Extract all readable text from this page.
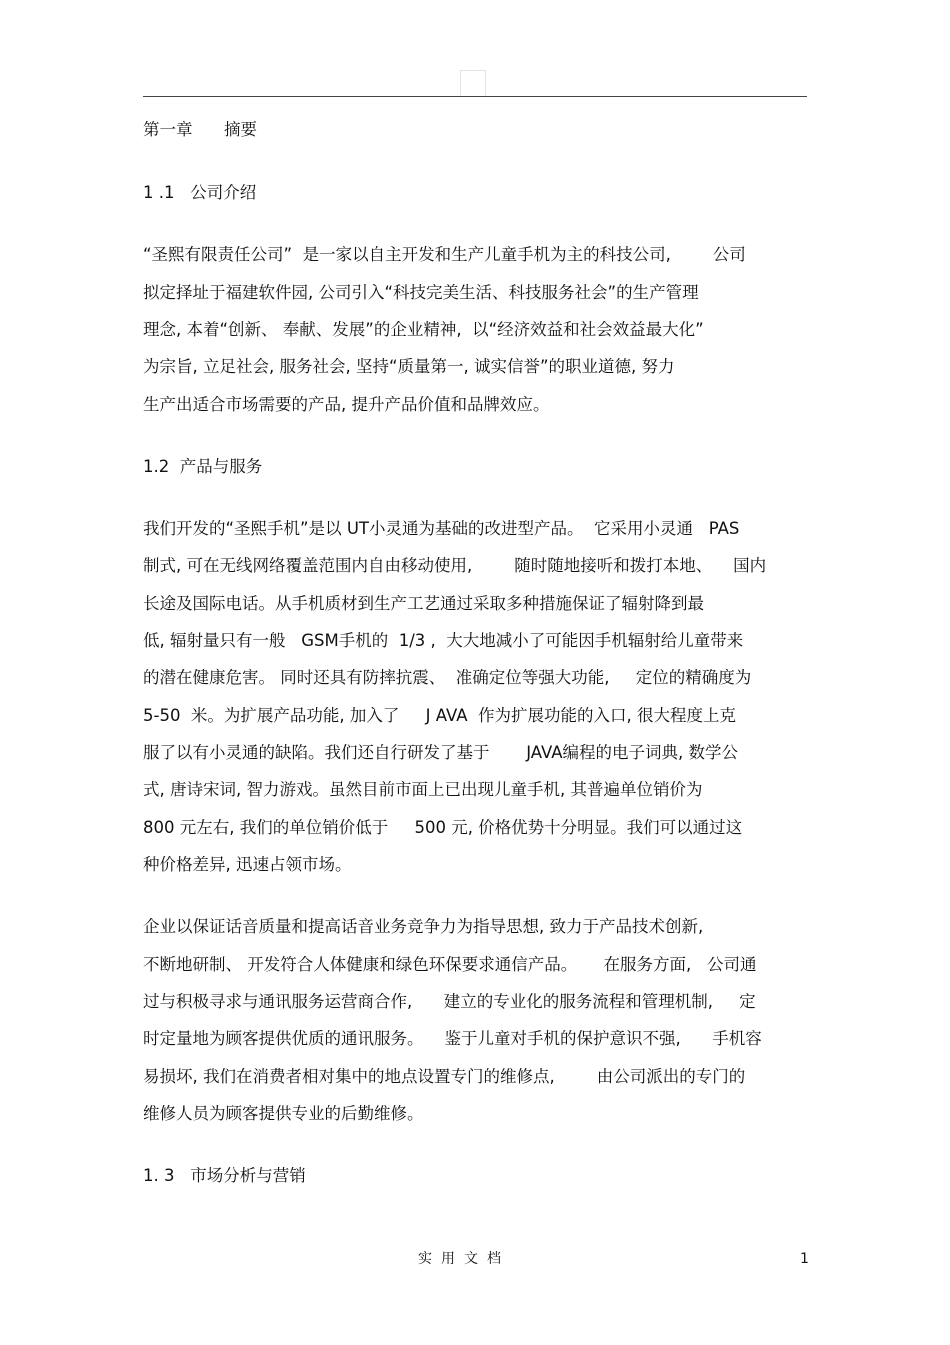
第一章      摘要
1 .1   公司介绍
“圣熙有限责任公司”  是一家以自主开发和生产儿童手机为主的科技公司,        公司
拟定择址于福建软件园, 公司引入“科技完美生活、科技服务社会”的生产管理
理念, 本着“创新、 奉献、发展”的企业精神,  以“经济效益和社会效益最大化”
为宗旨, 立足社会, 服务社会, 坚持“质量第一, 诚实信誉”的职业道德, 努力
生产出适合市场需要的产品, 提升产品价值和品牌效应。
1.2  产品与服务
我们开发的“圣熙手机”是以 UT小灵通为基础的改进型产品。  它采用小灵通   PAS
制式, 可在无线网络覆盖范围内自由移动使用,        随时随地接听和拨打本地、    国内
长途及国际电话。从手机质材到生产工艺通过采取多种措施保证了辐射降到最
低, 辐射量只有一般   GSM手机的  1/3 ,  大大地减小了可能因手机辐射给儿童带来
的潜在健康危害。 同时还具有防摔抗震、  准确定位等强大功能,     定位的精确度为
5-50  米。为扩展产品功能, 加入了     J AVA  作为扩展功能的入口, 很大程度上克
服了以有小灵通的缺陷。我们还自行研发了基于       JAVA编程的电子词典, 数学公
式, 唐诗宋词, 智力游戏。虽然目前市面上已出现儿童手机, 其普遍单位销价为
800 元左右, 我们的单位销价低于     500 元, 价格优势十分明显。我们可以通过这
种价格差异, 迅速占领市场。
企业以保证话音质量和提高话音业务竞争力为指导思想, 致力于产品技术创新,
不断地研制、 开发符合人体健康和绿色环保要求通信产品。     在服务方面,   公司通
过与积极寻求与通讯服务运营商合作,      建立的专业化的服务流程和管理机制,     定
时定量地为顾客提供优质的通讯服务。    鉴于儿童对手机的保护意识不强,      手机容
易损坏, 我们在消费者相对集中的地点设置专门的维修点,        由公司派出的专门的
维修人员为顾客提供专业的后勤维修。
1. 3   市场分析与营销
实用文档	1
